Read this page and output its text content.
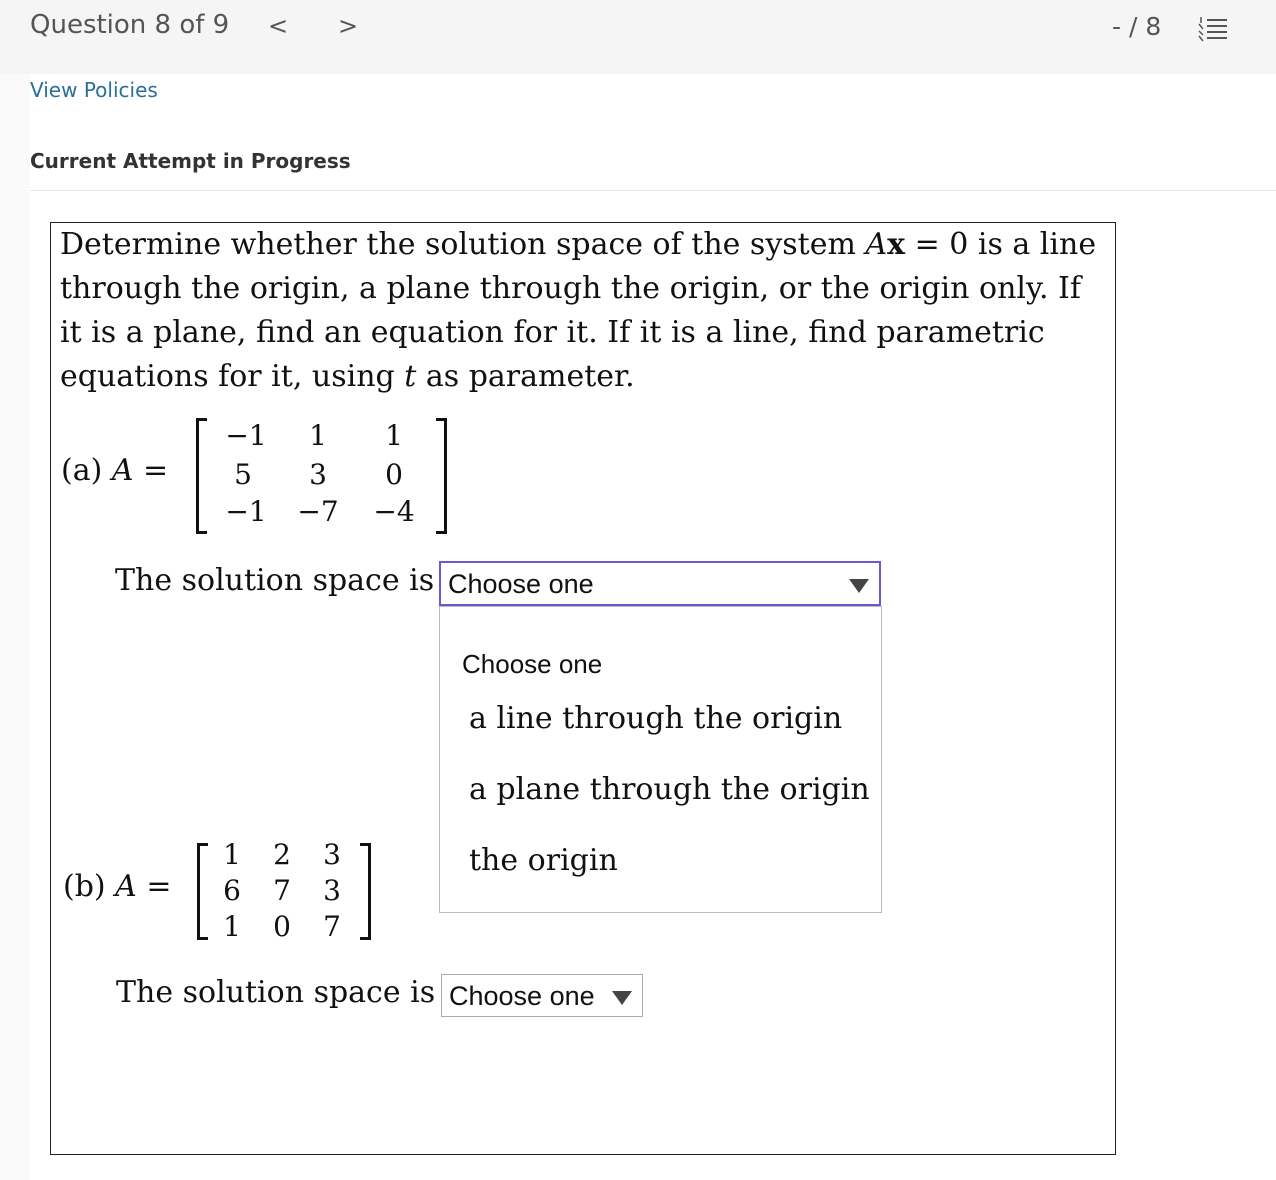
Question 8 of 9 < >	- / 8
View Policies
Current Attempt in Progress
Determine whether the solution space of the system Ax = 0 is a line through the origin, a plane through the origin, or the origin only. If it is a plane, find an equation for it. If it is a line, find parametric equations for it, using t as parameter.
(a) A =
−1	1	1
5	3	0
−1	−7	−4
The solution space is Choose one
Choose one
a line through the origin
a plane through the origin
the origin
(b) A =
1	2	3
6	7	3
1	0	7
The solution space is Choose one
